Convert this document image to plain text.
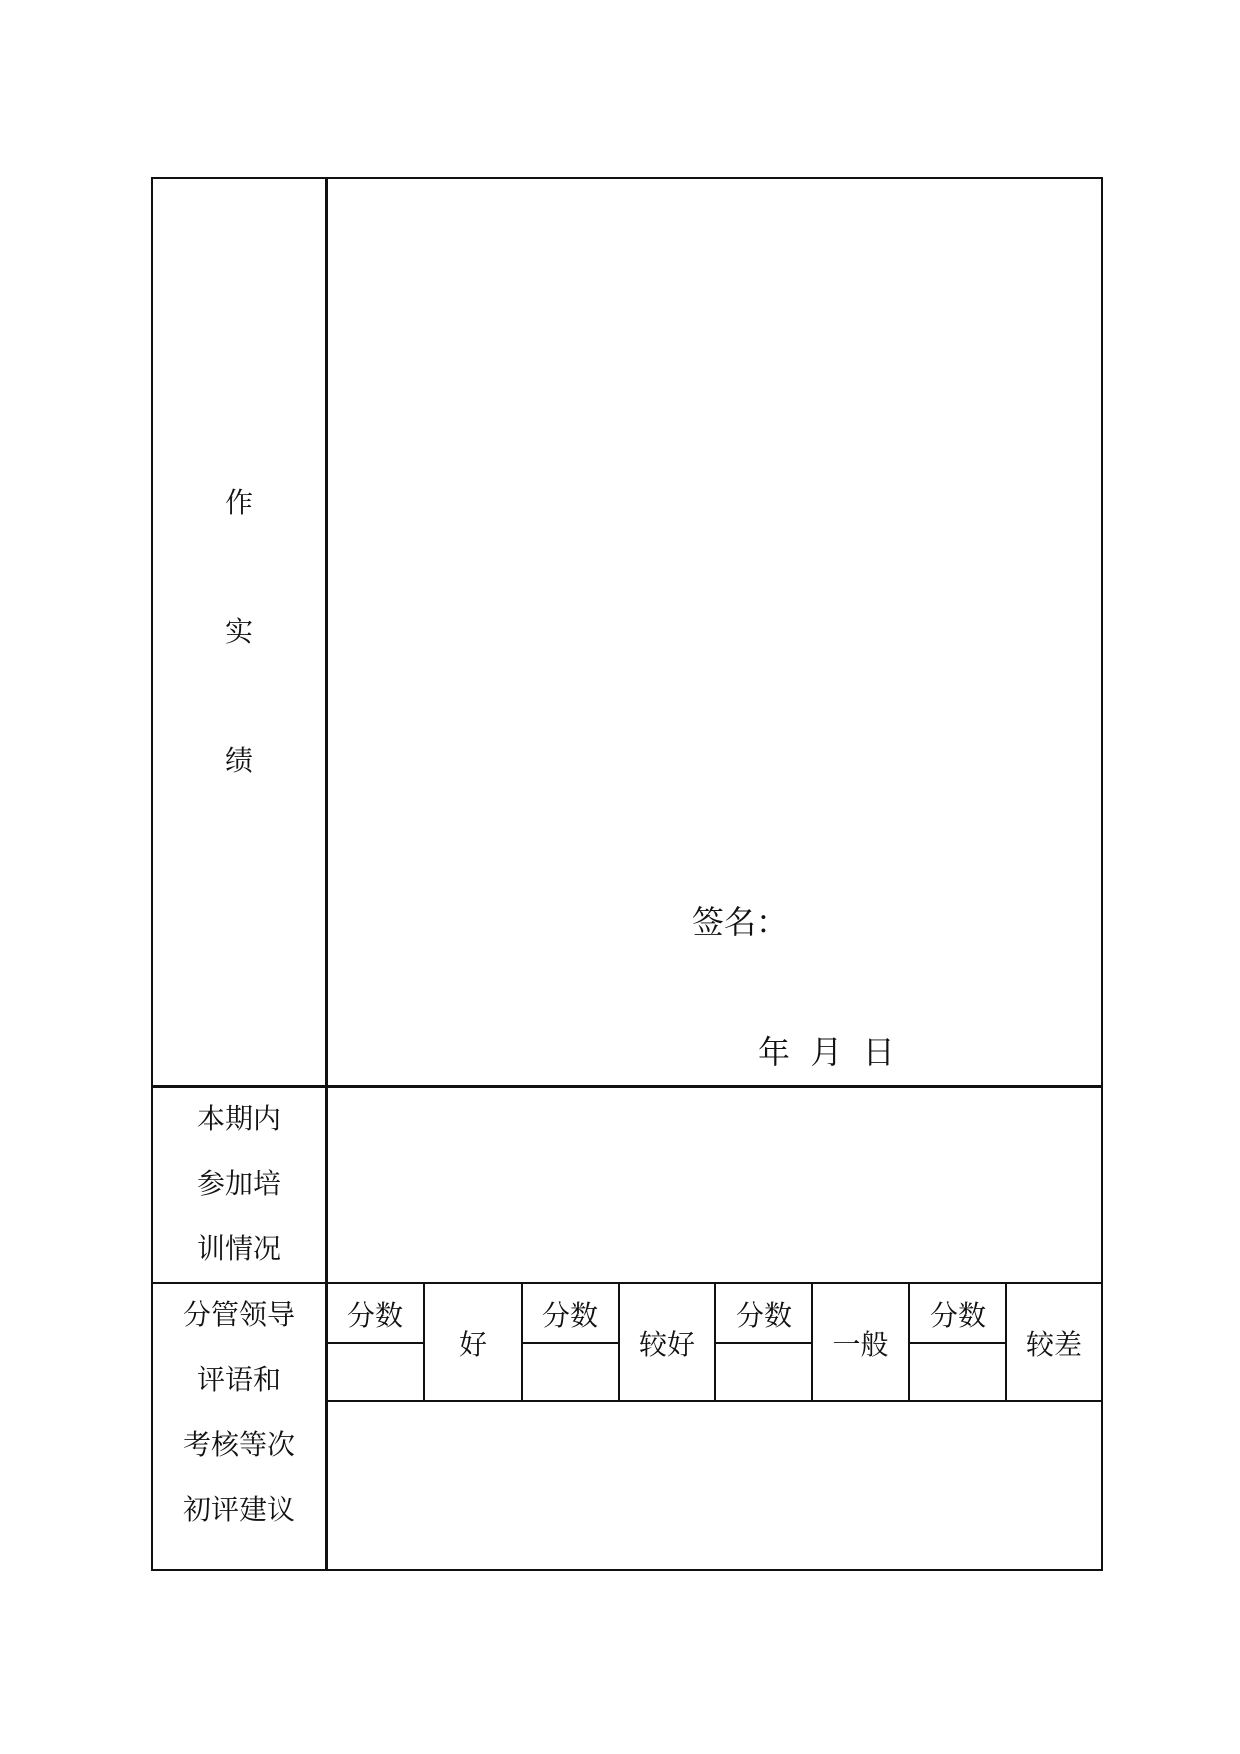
作
实
绩
签名：
年  月  日
本期内
参加培
训情况
分管领导
评语和
考核等次
初评建议
分数	分数	分数	分数
好	较好	一般	较差
